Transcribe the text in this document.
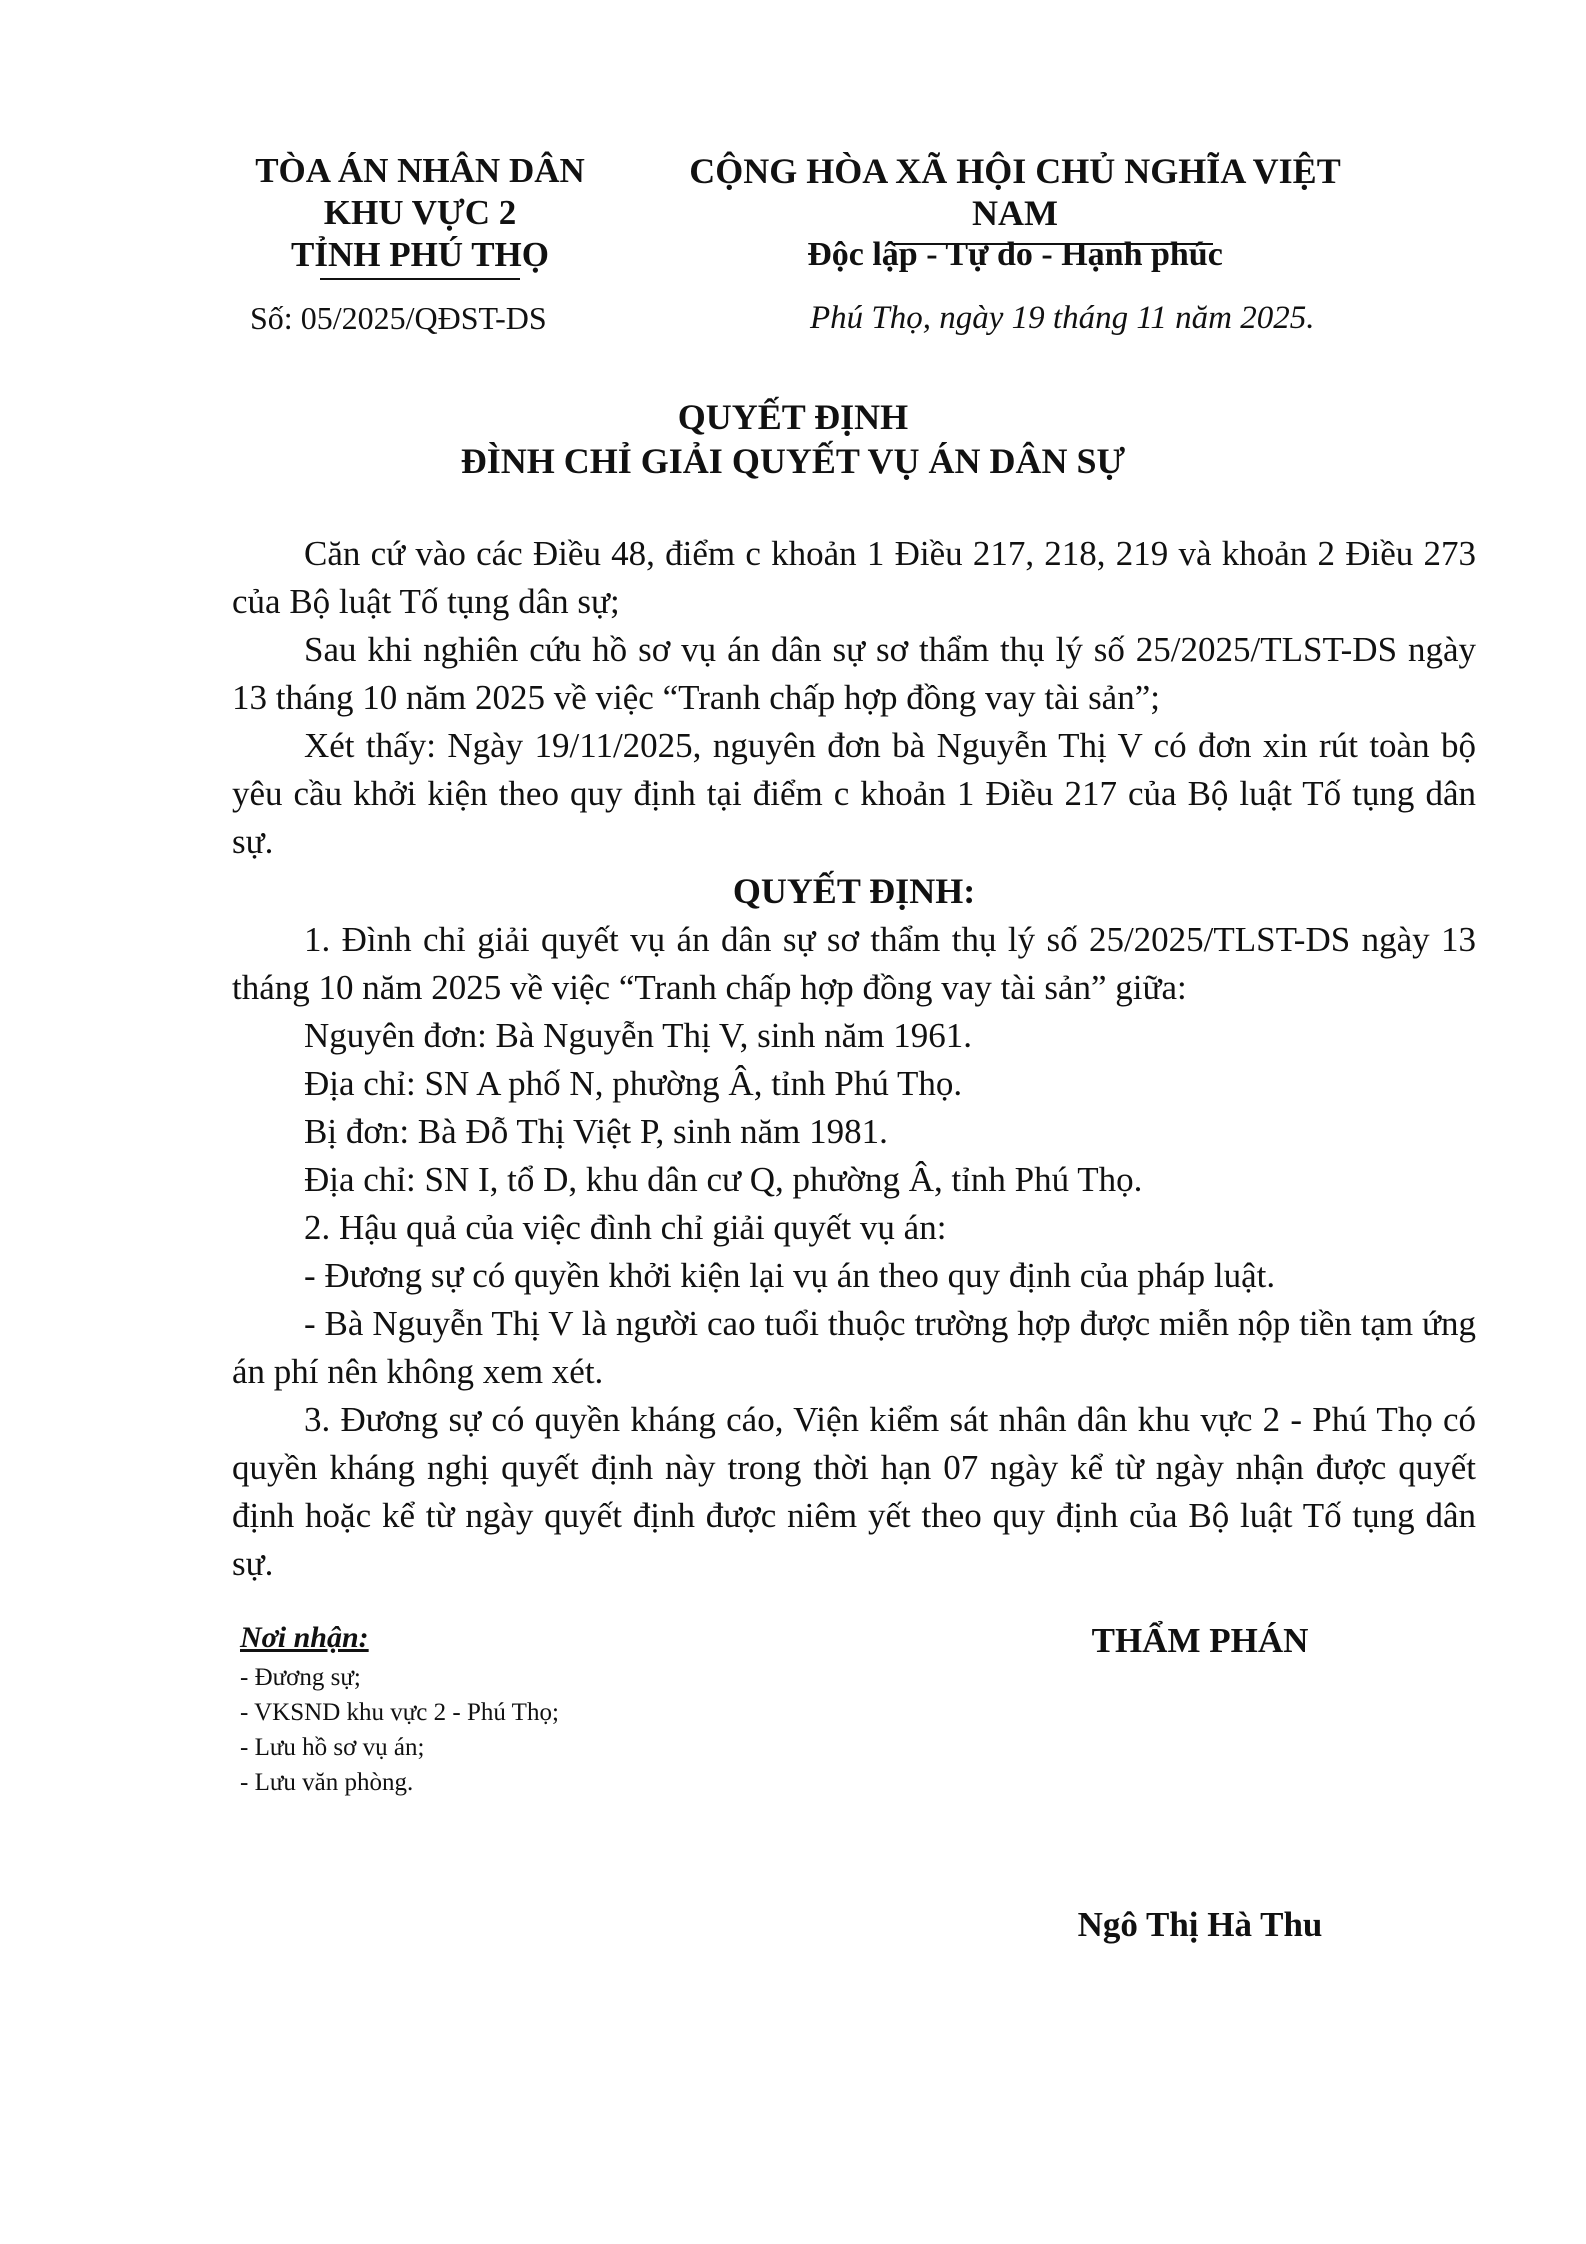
TÒA ÁN NHÂN DÂN
KHU VỰC 2
TỈNH PHÚ THỌ
CỘNG HÒA XÃ HỘI CHỦ NGHĨA VIỆT NAM
Độc lập - Tự do - Hạnh phúc
Số: 05/2025/QĐST-DS	Phú Thọ, ngày 19 tháng 11 năm 2025.
QUYẾT ĐỊNH
ĐÌNH CHỈ GIẢI QUYẾT VỤ ÁN DÂN SỰ

Căn cứ vào các Điều 48, điểm c khoản 1 Điều 217, 218, 219 và khoản 2 Điều 273 của Bộ luật Tố tụng dân sự;

Sau khi nghiên cứu hồ sơ vụ án dân sự sơ thẩm thụ lý số 25/2025/TLST-DS ngày 13 tháng 10 năm 2025 về việc “Tranh chấp hợp đồng vay tài sản”;

Xét thấy: Ngày 19/11/2025, nguyên đơn bà Nguyễn Thị V có đơn xin rút toàn bộ yêu cầu khởi kiện theo quy định tại điểm c khoản 1 Điều 217 của Bộ luật Tố tụng dân sự.

QUYẾT ĐỊNH:

1. Đình chỉ giải quyết vụ án dân sự sơ thẩm thụ lý số 25/2025/TLST-DS ngày 13 tháng 10 năm 2025 về việc “Tranh chấp hợp đồng vay tài sản” giữa:

Nguyên đơn: Bà Nguyễn Thị V, sinh năm 1961.

Địa chỉ: SN A phố N, phường Â, tỉnh Phú Thọ.

Bị đơn: Bà Đỗ Thị Việt P, sinh năm 1981.

Địa chỉ: SN I, tổ D, khu dân cư Q, phường Â, tỉnh Phú Thọ.

2. Hậu quả của việc đình chỉ giải quyết vụ án:

- Đương sự có quyền khởi kiện lại vụ án theo quy định của pháp luật.

- Bà Nguyễn Thị V là người cao tuổi thuộc trường hợp được miễn nộp tiền tạm ứng án phí nên không xem xét.

3. Đương sự có quyền kháng cáo, Viện kiểm sát nhân dân khu vực 2 - Phú Thọ có quyền kháng nghị quyết định này trong thời hạn 07 ngày kể từ ngày nhận được quyết định hoặc kể từ ngày quyết định được niêm yết theo quy định của Bộ luật Tố tụng dân sự.

Nơi nhận:
- Đương sự;
- VKSND khu vực 2 - Phú Thọ;
- Lưu hồ sơ vụ án;
- Lưu văn phòng.
THẨM PHÁN
Ngô Thị Hà Thu
